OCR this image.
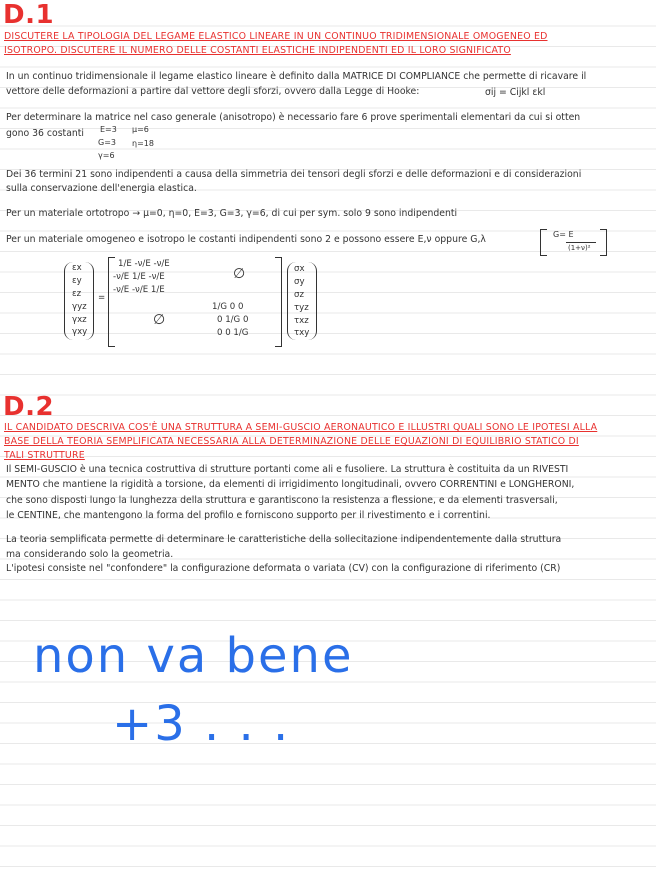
D.1
DISCUTERE LA TIPOLOGIA DEL LEGAME ELASTICO LINEARE IN UN CONTINUO TRIDIMENSIONALE OMOGENEO ED
ISOTROPO. DISCUTERE IL NUMERO DELLE COSTANTI ELASTICHE INDIPENDENTI ED IL LORO SIGNIFICATO
In un continuo tridimensionale il legame elastico lineare è definito dalla MATRICE DI COMPLIANCE che permette di ricavare il
vettore delle deformazioni a partire dal vettore degli sforzi, ovvero dalla Legge di Hooke:	σij = Cijkl εkl
Per determinare la matrice nel caso generale (anisotropo) è necessario fare 6 prove sperimentali elementari da cui si otten
gono 36 costanti E=3
G=3
γ=6
μ=6
η=18
Dei 36 termini 21 sono indipendenti a causa della simmetria dei tensori degli sforzi e delle deformazioni e di considerazioni
sulla conservazione dell'energia elastica.
Per un materiale ortotropo → μ=0, η=0, E=3, G=3, γ=6, di cui per sym. solo 9 sono indipendenti
Per un materiale omogeneo e isotropo le costanti indipendenti sono 2 e possono essere E,ν oppure G,λ	G= E
(1+ν)²
εx
εy
εz
γyz
γxz
γxy
=
1/E -ν/E -ν/E
-ν/E 1/E -ν/E
-ν/E -ν/E 1/E
∅
∅
1/G 0 0
0 1/G 0
0 0 1/G
σx
σy
σz
τyz
τxz
τxy
D.2
IL CANDIDATO DESCRIVA COS'È UNA STRUTTURA A SEMI-GUSCIO AERONAUTICO E ILLUSTRI QUALI SONO LE IPOTESI ALLA
BASE DELLA TEORIA SEMPLIFICATA NECESSARIA ALLA DETERMINAZIONE DELLE EQUAZIONI DI EQUILIBRIO STATICO DI
TALI STRUTTURE
Il SEMI-GUSCIO è una tecnica costruttiva di strutture portanti come ali e fusoliere. La struttura è costituita da un RIVESTI
MENTO che mantiene la rigidità a torsione, da elementi di irrigidimento longitudinali, ovvero CORRENTINI e LONGHERONI,
che sono disposti lungo la lunghezza della struttura e garantiscono la resistenza a flessione, e da elementi trasversali,
le CENTINE, che mantengono la forma del profilo e forniscono supporto per il rivestimento e i correntini.
La teoria semplificata permette di determinare le caratteristiche della sollecitazione indipendentemente dalla struttura
ma considerando solo la geometria.
L'ipotesi consiste nel "confondere" la configurazione deformata o variata (CV) con la configurazione di riferimento (CR)
non va bene
+3 . . .
